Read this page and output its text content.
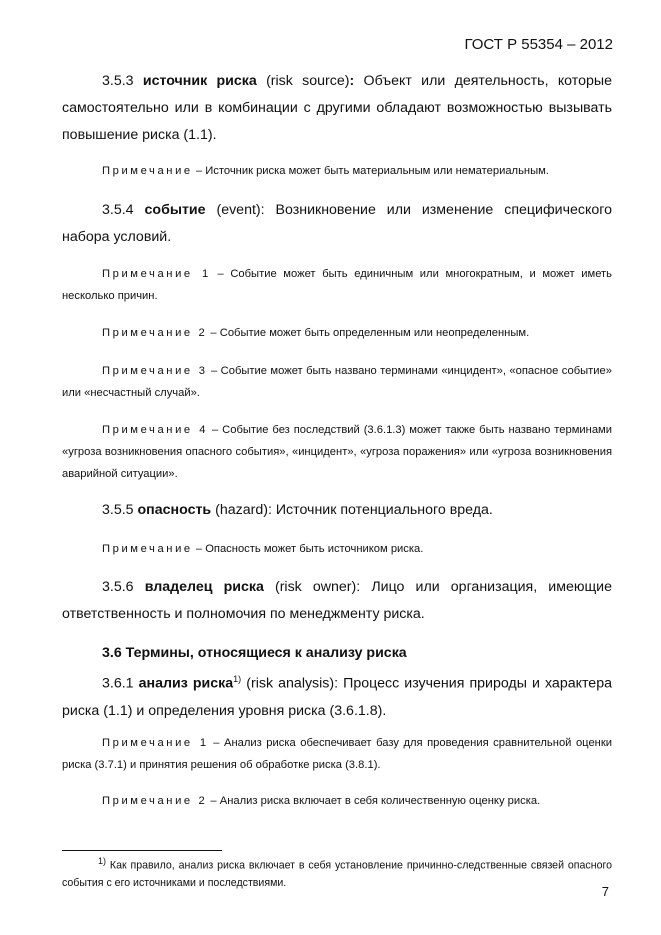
ГОСТ Р 55354 – 2012
3.5.3 источник риска (risk source): Объект или деятельность, которые самостоятельно или в комбинации с другими обладают возможностью вызывать повышение риска (1.1).
Примечание – Источник риска может быть материальным или нематериальным.
3.5.4 событие (event): Возникновение или изменение специфического набора условий.
Примечание 1 – Событие может быть единичным или многократным, и может иметь несколько причин.
Примечание 2 – Событие может быть определенным или неопределенным.
Примечание 3 – Событие может быть названо терминами «инцидент», «опасное событие» или «несчастный случай».
Примечание 4 – Событие без последствий (3.6.1.3) может также быть названо терминами «угроза возникновения опасного события», «инцидент», «угроза поражения» или «угроза возникновения аварийной ситуации».
3.5.5 опасность (hazard): Источник потенциального вреда.
Примечание – Опасность может быть источником риска.
3.5.6 владелец риска (risk owner): Лицо или организация, имеющие ответственность и полномочия по менеджменту риска.
3.6 Термины, относящиеся к анализу риска
3.6.1 анализ риска$^{1)}$ (risk analysis): Процесс изучения природы и характера риска (1.1) и определения уровня риска (3.6.1.8).
Примечание 1 – Анализ риска обеспечивает базу для проведения сравнительной оценки риска (3.7.1) и принятия решения об обработке риска (3.8.1).
Примечание 2 – Анализ риска включает в себя количественную оценку риска.
$^{1)}$ Как правило, анализ риска включает в себя установление причинно-следственные связей опасного события с его источниками и последствиями.
7
